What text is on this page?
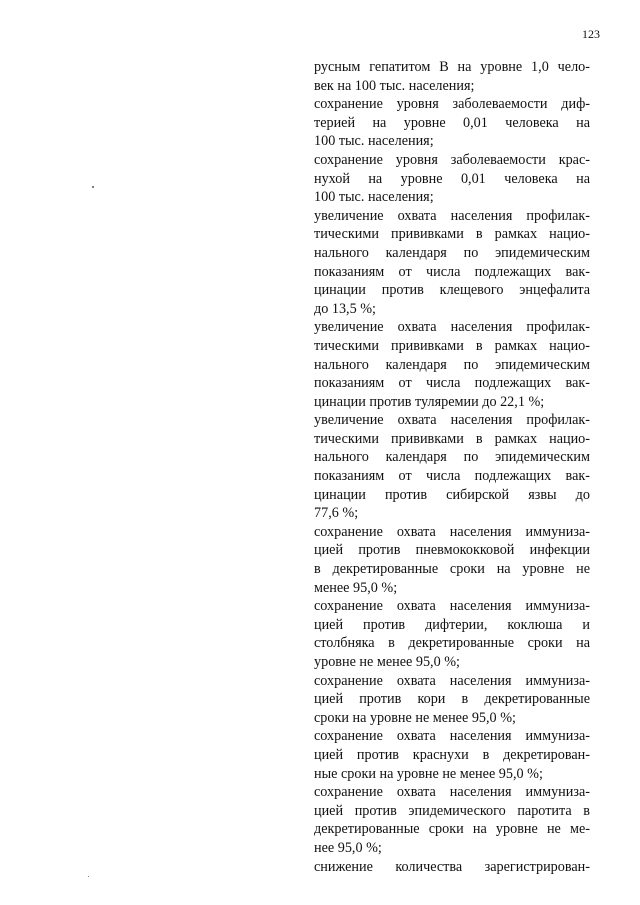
123
русным гепатитом В на уровне 1,0 чело-
век на 100 тыс. населения;
сохранение уровня заболеваемости диф-
терией на уровне 0,01 человека на
100 тыс. населения;
сохранение уровня заболеваемости крас-
нухой на уровне 0,01 человека на
100 тыс. населения;
увеличение охвата населения профилак-
тическими прививками в рамках нацио-
нального календаря по эпидемическим
показаниям от числа подлежащих вак-
цинации против клещевого энцефалита
до 13,5 %;
увеличение охвата населения профилак-
тическими прививками в рамках нацио-
нального календаря по эпидемическим
показаниям от числа подлежащих вак-
цинации против туляремии до 22,1 %;
увеличение охвата населения профилак-
тическими прививками в рамках нацио-
нального календаря по эпидемическим
показаниям от числа подлежащих вак-
цинации против сибирской язвы до
77,6 %;
сохранение охвата населения иммуниза-
цией против пневмококковой инфекции
в декретированные сроки на уровне не
менее 95,0 %;
сохранение охвата населения иммуниза-
цией против дифтерии, коклюша и
столбняка в декретированные сроки на
уровне не менее 95,0 %;
сохранение охвата населения иммуниза-
цией против кори в декретированные
сроки на уровне не менее 95,0 %;
сохранение охвата населения иммуниза-
цией против краснухи в декретирован-
ные сроки на уровне не менее 95,0 %;
сохранение охвата населения иммуниза-
цией против эпидемического паротита в
декретированные сроки на уровне не ме-
нее 95,0 %;
снижение количества зарегистрирован-
